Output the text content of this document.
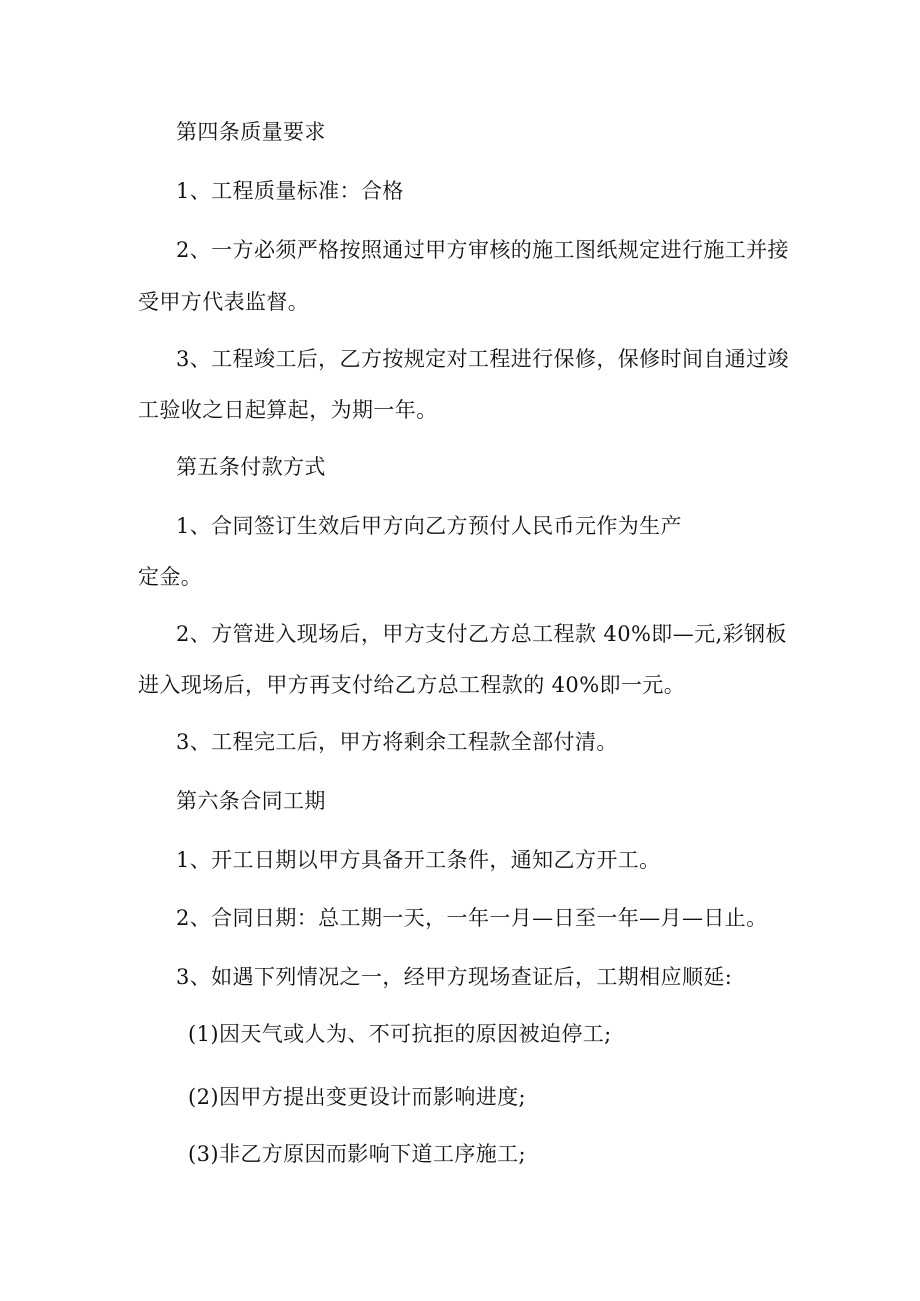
第四条质量要求
1、工程质量标准：合格
2、一方必须严格按照通过甲方审核的施工图纸规定进行施工并接
受甲方代表监督。
3、工程竣工后，乙方按规定对工程进行保修，保修时间自通过竣
工验收之日起算起，为期一年。
第五条付款方式
1、合同签订生效后甲方向乙方预付人民币元作为生产
定金。
2、方管进入现场后，甲方支付乙方总工程款 40%即—元,彩钢板
进入现场后，甲方再支付给乙方总工程款的 40%即一元。
3、工程完工后，甲方将剩余工程款全部付清。
第六条合同工期
1、开工日期以甲方具备开工条件，通知乙方开工。
2、合同日期：总工期一天，一年一月—日至一年—月—日止。
3、如遇下列情况之一，经甲方现场查证后，工期相应顺延:
(1)因天气或人为、不可抗拒的原因被迫停工;
(2)因甲方提出变更设计而影响进度;
(3)非乙方原因而影响下道工序施工;
